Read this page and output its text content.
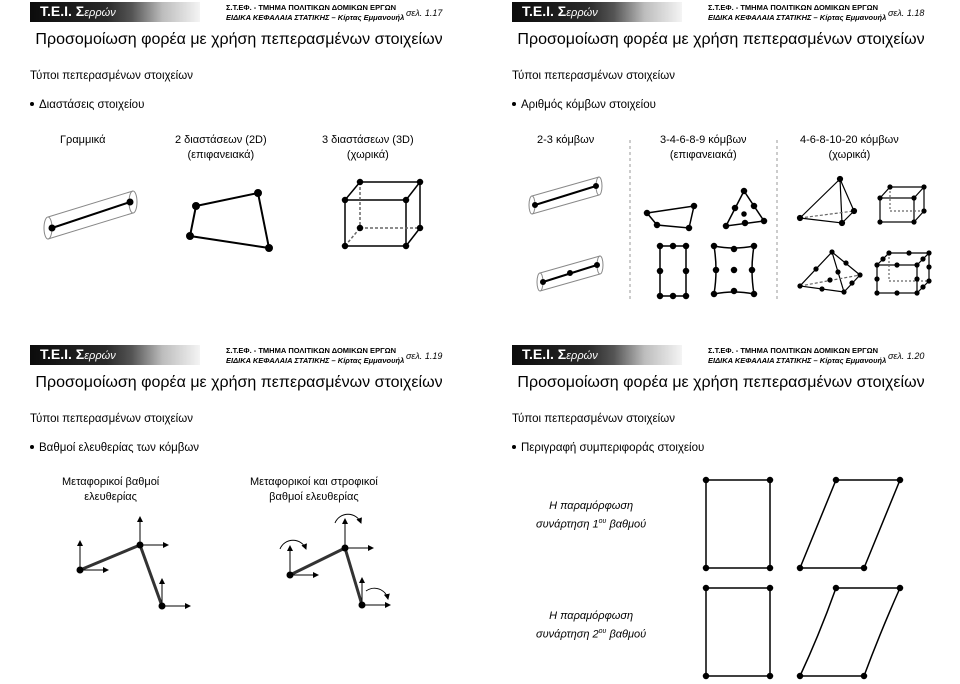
Τ.Ε.Ι. Σερρών	Σ.Τ.ΕΦ. - ΤΜΗΜΑ ΠΟΛΙΤΙΚΩΝ ΔΟΜΙΚΩΝ ΕΡΓΩΝ
ΕΙΔΙΚΑ ΚΕΦΑΛΑΙΑ ΣΤΑΤΙΚΗΣ – Κίρτας Εμμανουήλ σελ. 1.17
Προσομοίωση φορέα με χρήση πεπερασμένων στοιχείων
Τύποι πεπερασμένων στοιχείων
Διαστάσεις στοιχείου
Γραμμικά	2 διαστάσεων (2D)
(επιφανειακά)
3 διαστάσεων (3D)
(χωρικά)
Τ.Ε.Ι. Σερρών	Σ.Τ.ΕΦ. - ΤΜΗΜΑ ΠΟΛΙΤΙΚΩΝ ΔΟΜΙΚΩΝ ΕΡΓΩΝ
ΕΙΔΙΚΑ ΚΕΦΑΛΑΙΑ ΣΤΑΤΙΚΗΣ – Κίρτας Εμμανουήλ σελ. 1.18
Προσομοίωση φορέα με χρήση πεπερασμένων στοιχείων
Τύποι πεπερασμένων στοιχείων
Αριθμός κόμβων στοιχείου
2-3 κόμβων	3-4-6-8-9 κόμβων
(επιφανειακά)
4-6-8-10-20 κόμβων
(χωρικά)
Τ.Ε.Ι. Σερρών	Σ.Τ.ΕΦ. - ΤΜΗΜΑ ΠΟΛΙΤΙΚΩΝ ΔΟΜΙΚΩΝ ΕΡΓΩΝ
ΕΙΔΙΚΑ ΚΕΦΑΛΑΙΑ ΣΤΑΤΙΚΗΣ – Κίρτας Εμμανουήλ σελ. 1.19
Προσομοίωση φορέα με χρήση πεπερασμένων στοιχείων
Τύποι πεπερασμένων στοιχείων
Βαθμοί ελευθερίας των κόμβων
Μεταφορικοί βαθμοί
ελευθερίας
Μεταφορικοί και στροφικοί
βαθμοί ελευθερίας
Τ.Ε.Ι. Σερρών	Σ.Τ.ΕΦ. - ΤΜΗΜΑ ΠΟΛΙΤΙΚΩΝ ΔΟΜΙΚΩΝ ΕΡΓΩΝ
ΕΙΔΙΚΑ ΚΕΦΑΛΑΙΑ ΣΤΑΤΙΚΗΣ – Κίρτας Εμμανουήλ σελ. 1.20
Προσομοίωση φορέα με χρήση πεπερασμένων στοιχείων
Τύποι πεπερασμένων στοιχείων
Περιγραφή συμπεριφοράς στοιχείου
Η παραμόρφωση
συνάρτηση $1^{o\upsilon}$ βαθμού
Η παραμόρφωση
συνάρτηση $2^{o\upsilon}$ βαθμού
